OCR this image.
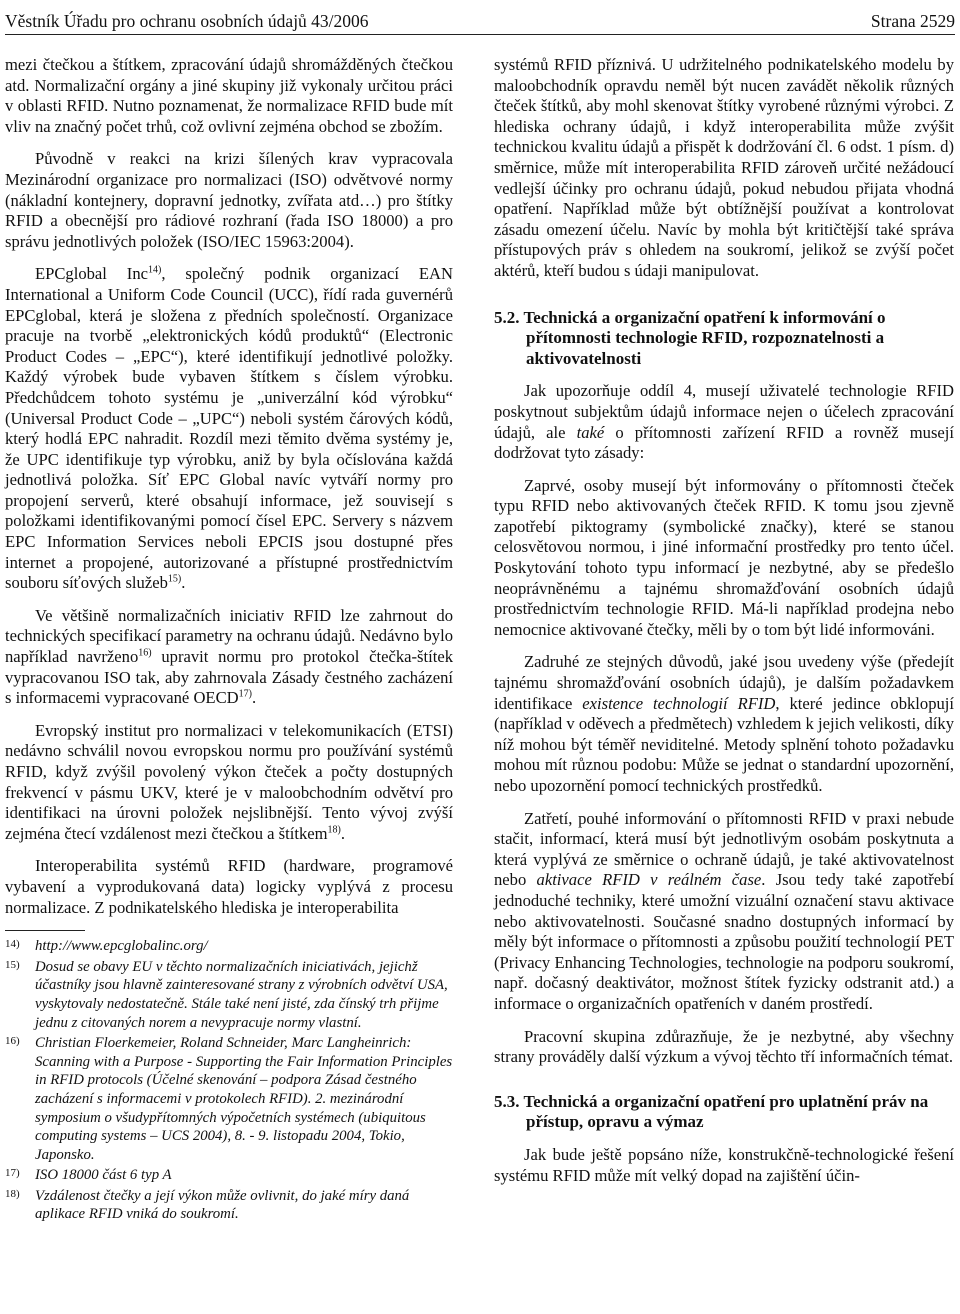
Věstník Úřadu pro ochranu osobních údajů 43/2006	Strana 2529

mezi čtečkou a štítkem, zpracování údajů shromážděných čtečkou atd. Normalizační orgány a jiné skupiny již vykonaly určitou práci v oblasti RFID. Nutno poznamenat, že normalizace RFID bude mít vliv na značný počet trhů, což ovlivní zejména obchod se zbožím.

Původně v reakci na krizi šílených krav vypracovala Mezinárodní organizace pro normalizaci (ISO) odvětvové normy (nákladní kontejnery, dopravní jednotky, zvířata atd…) pro štítky RFID a obecnější pro rádiové rozhraní (řada ISO 18000) a pro správu jednotlivých položek (ISO/IEC 15963:2004).

EPCglobal Inc$^{14)}$, společný podnik organizací EAN International a Uniform Code Council (UCC), řídí rada guvernérů EPCglobal, která je složena z předních společností. Organizace pracuje na tvorbě „elektronických kódů produktů“ (Electronic Product Codes – „EPC“), které identifikují jednotlivé položky. Každý výrobek bude vybaven štítkem s číslem výrobku. Předchůdcem tohoto systému je „univerzální kód výrobku“ (Universal Product Code – „UPC“) neboli systém čárových kódů, který hodlá EPC nahradit. Rozdíl mezi těmito dvěma systémy je, že UPC identifikuje typ výrobku, aniž by byla očíslována každá jednotlivá položka. Síť EPC Global navíc vytváří normy pro propojení serverů, které obsahují informace, jež souvisejí s položkami identifikovanými pomocí čísel EPC. Servery s názvem EPC Information Services neboli EPCIS jsou dostupné přes internet a propojené, autorizované a přístupné prostřednictvím souboru síťových služeb$^{15)}$.

Ve většině normalizačních iniciativ RFID lze zahrnout do technických specifikací parametry na ochranu údajů. Nedávno bylo například navrženo$^{16)}$ upravit normu pro protokol čtečka-štítek vypracovanou ISO tak, aby zahrnovala Zásady čestného zacházení s informacemi vypracované OECD$^{17)}$.

Evropský institut pro normalizaci v telekomunikacích (ETSI) nedávno schválil novou evropskou normu pro používání systémů RFID, když zvýšil povolený výkon čteček a počty dostupných frekvencí v pásmu UKV, které je v maloobchodním odvětví pro identifikaci na úrovni položek nejslibnější. Tento vývoj zvýší zejména čtecí vzdálenost mezi čtečkou a štítkem$^{18)}$.

Interoperabilita systémů RFID (hardware, programové vybavení a vyprodukovaná data) logicky vyplývá z procesu normalizace. Z podnikatelského hlediska je interoperabilita

14) http://www.epcglobalinc.org/
15) Dosud se obavy EU v těchto normalizačních iniciativách, jejichž účastníky jsou hlavně zainteresované strany z výrobních odvětví USA, vyskytovaly nedostatečně. Stále také není jisté, zda čínský trh přijme jednu z citovaných norem a nevypracuje normy vlastní.
16) Christian Floerkemeier, Roland Schneider, Marc Langheinrich: Scanning with a Purpose - Supporting the Fair Information Principles in RFID protocols (Účelné skenování – podpora Zásad čestného zacházení s informacemi v protokolech RFID). 2. mezinárodní symposium o všudypřítomných výpočetních systémech (ubiquitous computing systems – UCS 2004), 8. - 9. listopadu 2004, Tokio, Japonsko.
17) ISO 18000 část 6 typ A
18) Vzdálenost čtečky a její výkon může ovlivnit, do jaké míry daná aplikace RFID vniká do soukromí.

systémů RFID příznivá. U udržitelného podnikatelského modelu by maloobchodník opravdu neměl být nucen zavádět několik různých čteček štítků, aby mohl skenovat štítky vyrobené různými výrobci. Z hlediska ochrany údajů, i když interoperabilita může zvýšit technickou kvalitu údajů a přispět k dodržování čl. 6 odst. 1 písm. d) směrnice, může mít interoperabilita RFID zároveň určité nežádoucí vedlejší účinky pro ochranu údajů, pokud nebudou přijata vhodná opatření. Například může být obtížnější používat a kontrolovat zásadu omezení účelu. Navíc by mohla být kritičtější také správa přístupových práv s ohledem na soukromí, jelikož se zvýší počet aktérů, kteří budou s údaji manipulovat.

5.2. Technická a organizační opatření k informování o přítomnosti technologie RFID, rozpoznatelnosti a aktivovatelnosti

Jak upozorňuje oddíl 4, musejí uživatelé technologie RFID poskytnout subjektům údajů informace nejen o účelech zpracování údajů, ale také o přítomnosti zařízení RFID a rovněž musejí dodržovat tyto zásady:

Zaprvé, osoby musejí být informovány o přítomnosti čteček typu RFID nebo aktivovaných čteček RFID. K tomu jsou zjevně zapotřebí piktogramy (symbolické značky), které se stanou celosvětovou normou, i jiné informační prostředky pro tento účel. Poskytování tohoto typu informací je nezbytné, aby se předešlo neoprávněnému a tajnému shromažďování osobních údajů prostřednictvím technologie RFID. Má-li například prodejna nebo nemocnice aktivované čtečky, měli by o tom být lidé informováni.

Zadruhé ze stejných důvodů, jaké jsou uvedeny výše (předejít tajnému shromažďování osobních údajů), je dalším požadavkem identifikace existence technologií RFID, které jedince obklopují (například v oděvech a předmětech) vzhledem k jejich velikosti, díky níž mohou být téměř neviditelné. Metody splnění tohoto požadavku mohou mít různou podobu: Může se jednat o standardní upozornění, nebo upozornění pomocí technických prostředků.

Zatřetí, pouhé informování o přítomnosti RFID v praxi nebude stačit, informací, která musí být jednotlivým osobám poskytnuta a která vyplývá ze směrnice o ochraně údajů, je také aktivovatelnost nebo aktivace RFID v reálném čase. Jsou tedy také zapotřebí jednoduché techniky, které umožní vizuální označení stavu aktivace nebo aktivovatelnosti. Současné snadno dostupných informací by měly být informace o přítomnosti a způsobu použití technologií PET (Privacy Enhancing Technologies, technologie na podporu soukromí, např. dočasný deaktivátor, možnost štítek fyzicky odstranit atd.) a informace o organizačních opatřeních v daném prostředí.

Pracovní skupina zdůrazňuje, že je nezbytné, aby všechny strany prováděly další výzkum a vývoj těchto tří informačních témat.

5.3. Technická a organizační opatření pro uplatnění práv na přístup, opravu a výmaz

Jak bude ještě popsáno níže, konstrukčně-technologické řešení systému RFID může mít velký dopad na zajištění účin-
